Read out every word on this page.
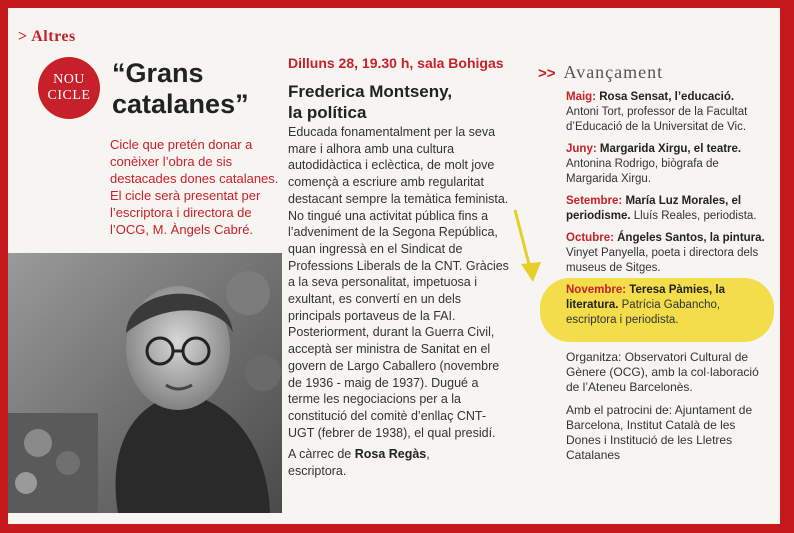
> Altres
NOU
CICLE
“Grans
catalanes”
Cicle que pretén donar a conèixer l’obra de sis destacades dones catalanes. El cicle serà presentat per l’escriptora i directora de l’OCG, M. Àngels Cabré.
Dilluns 28, 19.30 h, sala Bohigas
Frederica Montseny,
la política
Educada fonamentalment per la seva mare i alhora amb una cultura autodidàctica i eclèctica, de molt jove començà a escriure amb regularitat destacant sempre la temàtica feminista. No tingué una activitat pública fins a l’adveniment de la Segona República, quan ingressà en el Sindicat de Professions Liberals de la CNT. Gràcies a la seva personalitat, impetuosa i exultant, es convertí en un dels principals portaveus de la FAI. Posteriorment, durant la Guerra Civil, acceptà ser ministra de Sanitat en el govern de Largo Caballero (novembre de 1936 - maig de 1937). Dugué a terme les negociacions per a la constitució del comitè d’enllaç CNT-UGT (febrer de 1938), el qual presidí.
A càrrec de Rosa Regàs,
escriptora.
>> Avançament
Maig: Rosa Sensat, l’educació. Antoni Tort, professor de la Facultat d’Educació de la Universitat de Vic.
Juny: Margarida Xirgu, el teatre. Antonina Rodrigo, biògrafa de Margarida Xirgu.
Setembre: María Luz Morales, el periodisme. Lluís Reales, periodista.
Octubre: Ángeles Santos, la pintura. Vinyet Panyella, poeta i directora dels museus de Sitges.
Novembre: Teresa Pàmies, la literatura. Patrícia Gabancho, escriptora i periodista.
Organitza: Observatori Cultural de Gènere (OCG), amb la col·laboració de l’Ateneu Barcelonès.
Amb el patrocini de: Ajuntament de Barcelona, Institut Català de les Dones i Institució de les Lletres Catalanes
